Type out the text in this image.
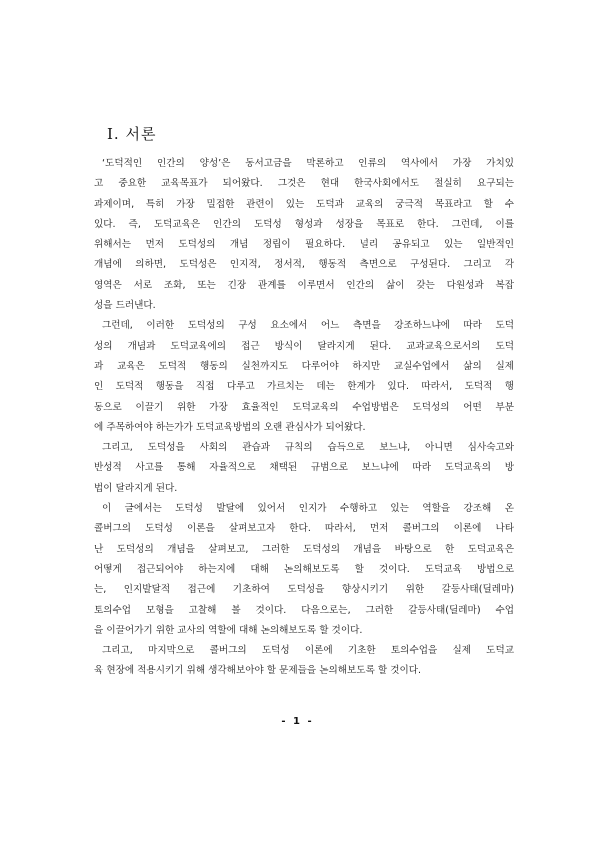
Ⅰ. 서론
‘도덕적인 인간의 양성’은 동서고금을 막론하고 인류의 역사에서 가장 가치있
고 중요한 교육목표가 되어왔다. 그것은 현대 한국사회에서도 절실히 요구되는
과제이며, 특히 가장 밀접한 관련이 있는 도덕과 교육의 궁극적 목표라고 할 수
있다. 즉, 도덕교육은 인간의 도덕성 형성과 성장을 목표로 한다. 그런데, 이를
위해서는 먼저 도덕성의 개념 정립이 필요하다. 널리 공유되고 있는 일반적인
개념에 의하면, 도덕성은 인지적, 정서적, 행동적 측면으로 구성된다. 그리고 각
영역은 서로 조화, 또는 긴장 관계를 이루면서 인간의 삶이 갖는 다원성과 복잡
성을 드러낸다.
그런데, 이러한 도덕성의 구성 요소에서 어느 측면을 강조하느냐에 따라 도덕
성의 개념과 도덕교육에의 접근 방식이 달라지게 된다. 교과교육으로서의 도덕
과 교육은 도덕적 행동의 실천까지도 다루어야 하지만 교실수업에서 삶의 실제
인 도덕적 행동을 직접 다루고 가르치는 데는 한계가 있다. 따라서, 도덕적 행
동으로 이끌기 위한 가장 효율적인 도덕교육의 수업방법은 도덕성의 어떤 부분
에 주목하여야 하는가가 도덕교육방법의 오랜 관심사가 되어왔다.
그리고, 도덕성을 사회의 관습과 규칙의 습득으로 보느냐, 아니면 심사숙고와
반성적 사고를 통해 자율적으로 채택된 규범으로 보느냐에 따라 도덕교육의 방
법이 달라지게 된다.
이 글에서는 도덕성 발달에 있어서 인지가 수행하고 있는 역할을 강조해 온
콜버그의 도덕성 이론을 살펴보고자 한다. 따라서, 먼저 콜버그의 이론에 나타
난 도덕성의 개념을 살펴보고, 그러한 도덕성의 개념을 바탕으로 한 도덕교육은
어떻게 접근되어야 하는지에 대해 논의해보도록 할 것이다. 도덕교육 방법으로
는, 인지발달적 접근에 기초하여 도덕성을 향상시키기 위한 갈등사태(딜레마)
토의수업 모형을 고찰해 볼 것이다. 다음으로는, 그러한 갈등사태(딜레마) 수업
을 이끌어가기 위한 교사의 역할에 대해 논의해보도록 할 것이다.
그리고, 마지막으로 콜버그의 도덕성 이론에 기초한 토의수업을 실제 도덕교
육 현장에 적용시키기 위해 생각해보아야 할 문제들을 논의해보도록 할 것이다.
- 1 -
